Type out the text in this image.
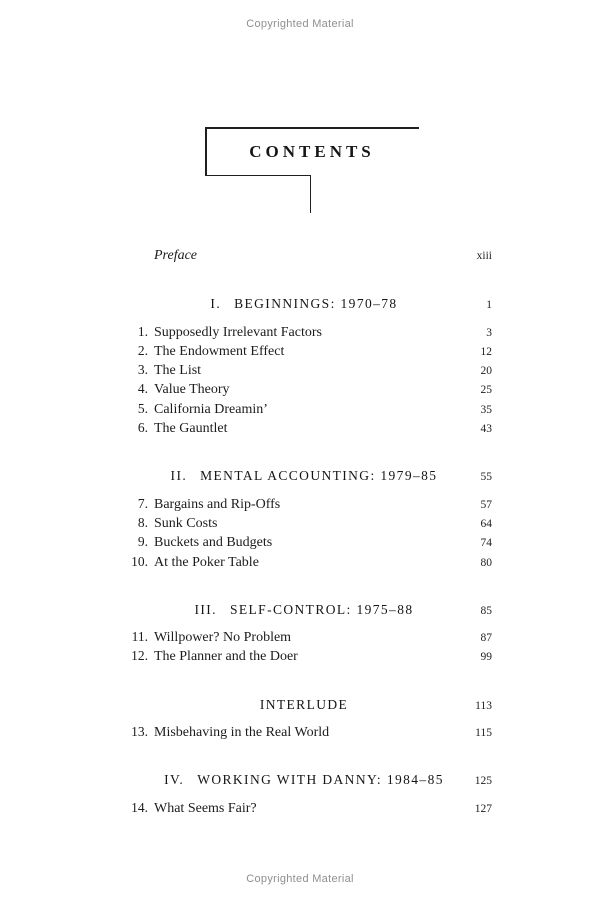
Copyrighted Material
CONTENTS
Preface	xiii
I. BEGINNINGS: 1970–78	1
1. Supposedly Irrelevant Factors	3
2. The Endowment Effect	12
3. The List	20
4. Value Theory	25
5. California Dreamin’	35
6. The Gauntlet	43
II. MENTAL ACCOUNTING: 1979–85	55
7. Bargains and Rip-Offs	57
8. Sunk Costs	64
9. Buckets and Budgets	74
10. At the Poker Table	80
III. SELF-CONTROL: 1975–88	85
11. Willpower? No Problem	87
12. The Planner and the Doer	99
INTERLUDE	113
13. Misbehaving in the Real World	115
IV. WORKING WITH DANNY: 1984–85	125
14. What Seems Fair?	127
Copyrighted Material
